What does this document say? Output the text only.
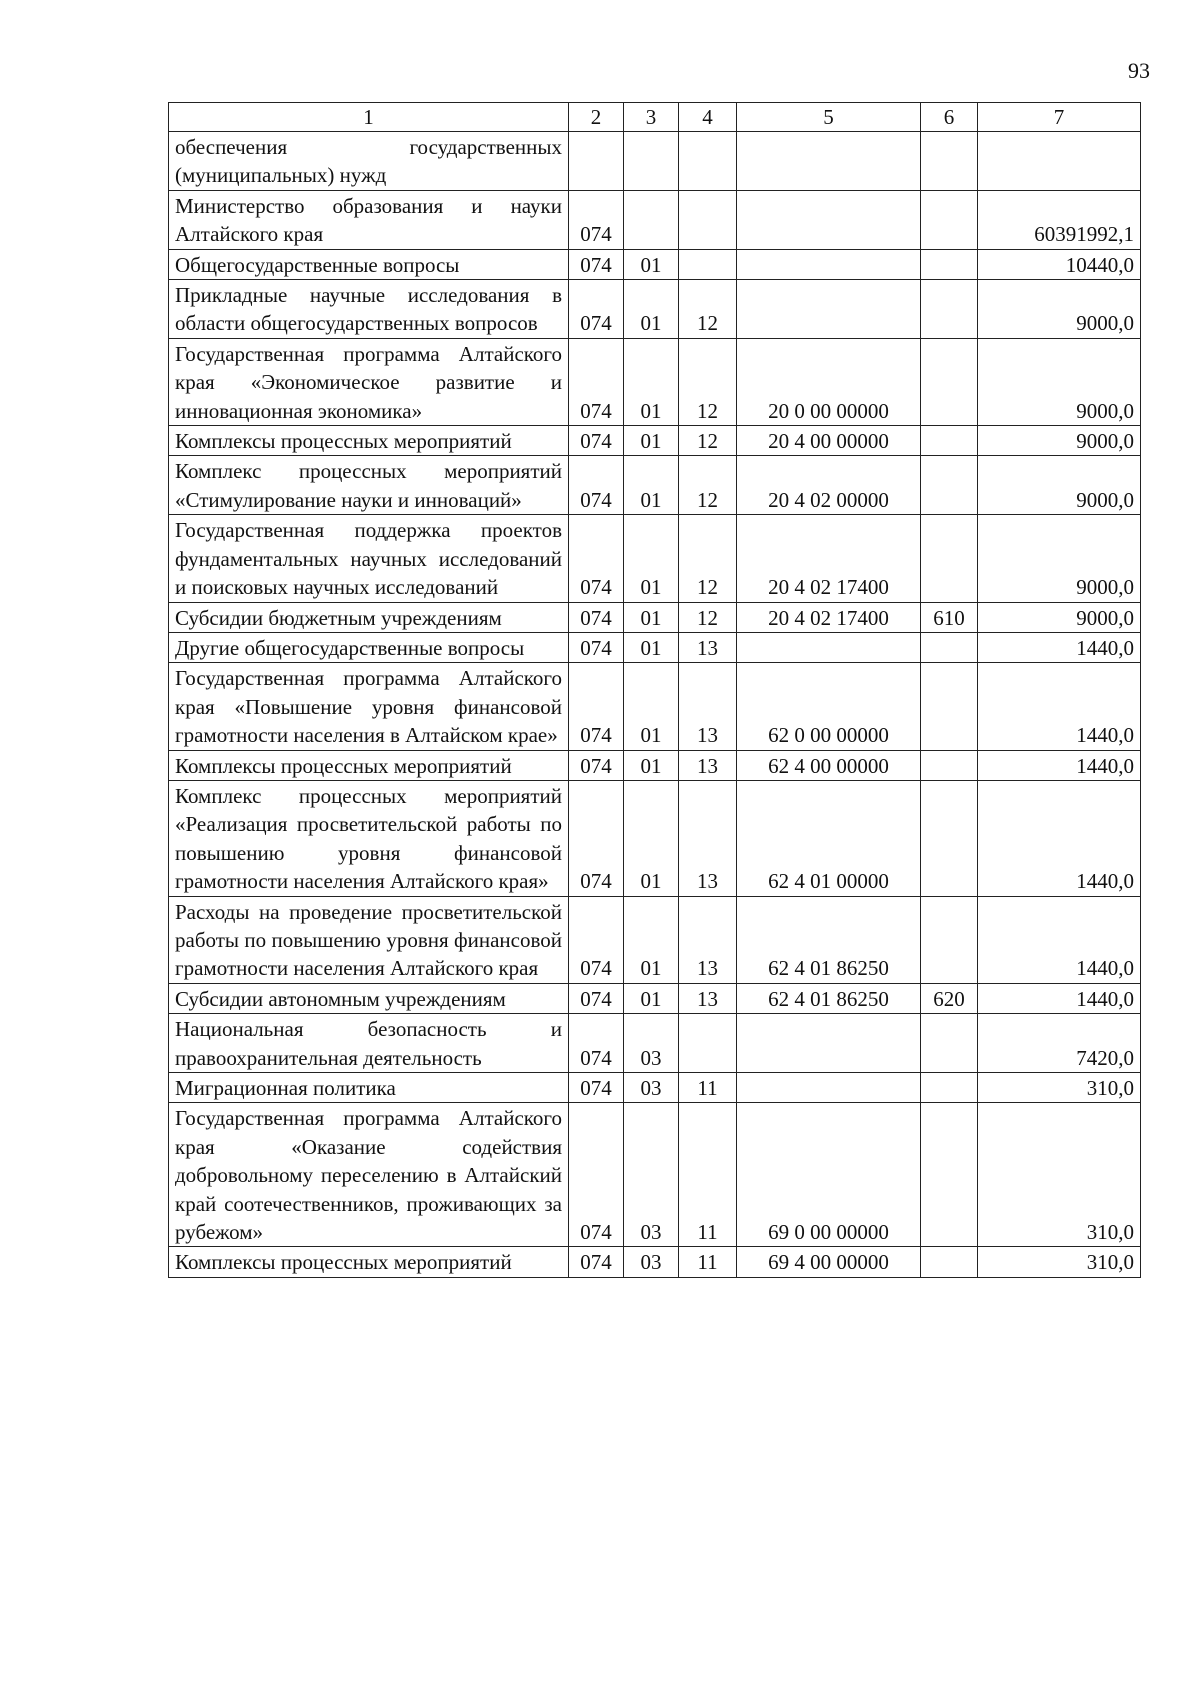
93
1	2	3	4	5	6	7
обеспечения государственных (муниципальных) нужд						
Министерство образования и науки Алтайского края	074					60391992,1
Общегосударственные вопросы	074	01				10440,0
Прикладные научные исследования в области общегосударственных вопросов	074	01	12			9000,0
Государственная программа Алтайского края «Экономическое развитие и инновационная экономика»	074	01	12	20 0 00 00000		9000,0
Комплексы процессных мероприятий	074	01	12	20 4 00 00000		9000,0
Комплекс процессных мероприятий «Стимулирование науки и инноваций»	074	01	12	20 4 02 00000		9000,0
Государственная поддержка проектов фундаментальных научных исследований и поисковых научных исследований	074	01	12	20 4 02 17400		9000,0
Субсидии бюджетным учреждениям	074	01	12	20 4 02 17400	610	9000,0
Другие общегосударственные вопросы	074	01	13			1440,0
Государственная программа Алтайского края «Повышение уровня финансовой грамотности населения в Алтайском крае»	074	01	13	62 0 00 00000		1440,0
Комплексы процессных мероприятий	074	01	13	62 4 00 00000		1440,0
Комплекс процессных мероприятий «Реализация просветительской работы по повышению уровня финансовой грамотности населения Алтайского края»	074	01	13	62 4 01 00000		1440,0
Расходы на проведение просветительской работы по повышению уровня финансовой грамотности населения Алтайского края	074	01	13	62 4 01 86250		1440,0
Субсидии автономным учреждениям	074	01	13	62 4 01 86250	620	1440,0
Национальная безопасность и правоохранительная деятельность	074	03				7420,0
Миграционная политика	074	03	11			310,0
Государственная программа Алтайского края «Оказание содействия добровольному переселению в Алтайский край соотечественников, проживающих за рубежом»	074	03	11	69 0 00 00000		310,0
Комплексы процессных мероприятий	074	03	11	69 4 00 00000		310,0
